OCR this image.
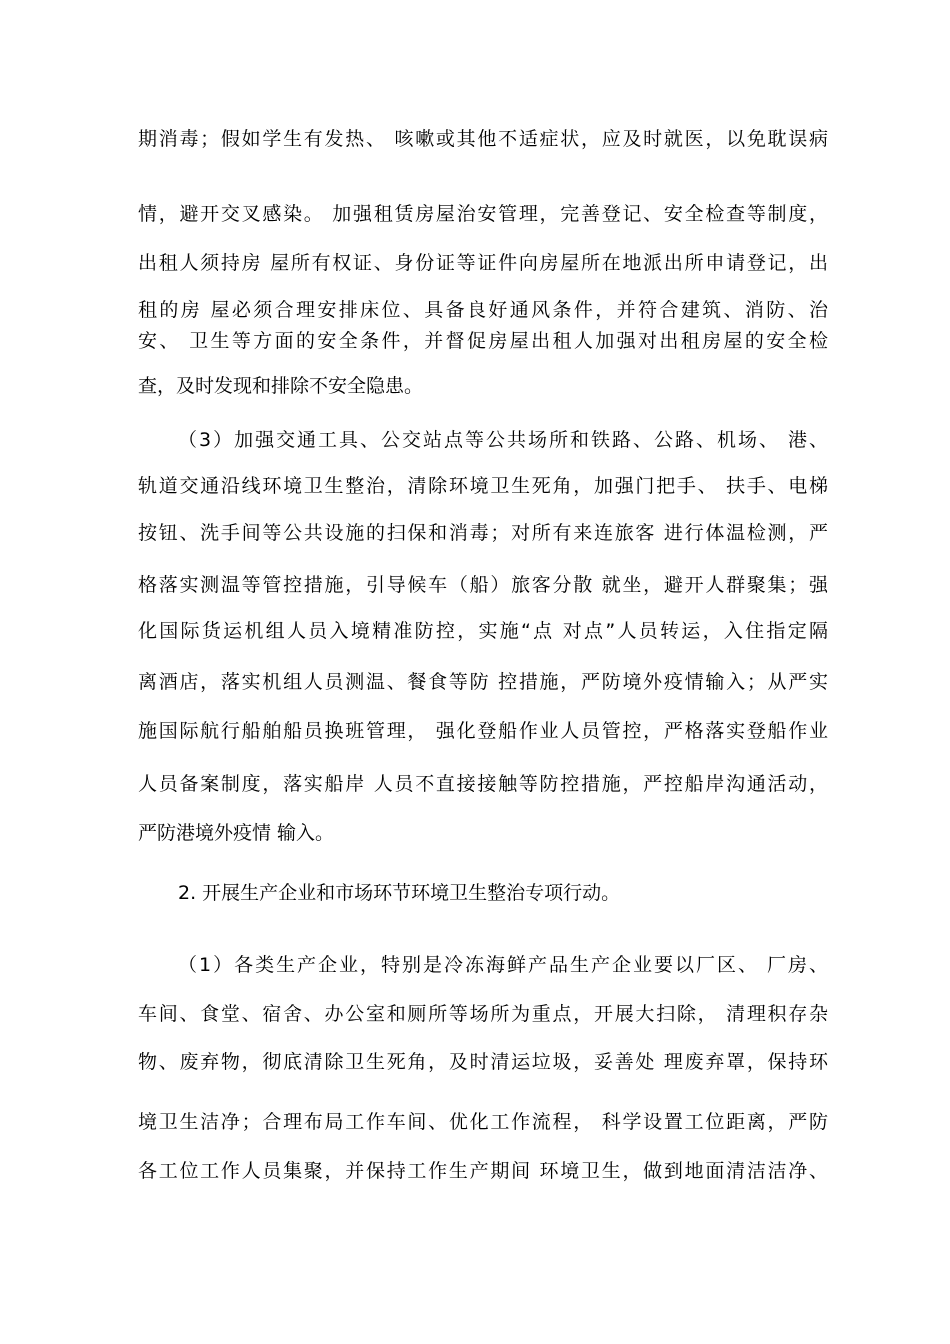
期消毒；假如学生有发热、 咳嗽或其他不适症状，应及时就医，以免耽误病
情，避开交叉感染。 加强租赁房屋治安管理，完善登记、安全检查等制度，
出租人须持房 屋所有权证、身份证等证件向房屋所在地派出所申请登记，出
租的房 屋必须合理安排床位、具备良好通风条件，并符合建筑、消防、治
安、 卫生等方面的安全条件，并督促房屋出租人加强对出租房屋的安全检
查，及时发现和排除不安全隐患。
（3）加强交通工具、公交站点等公共场所和铁路、公路、机场、 港、
轨道交通沿线环境卫生整治，清除环境卫生死角，加强门把手、 扶手、电梯
按钮、洗手间等公共设施的扫保和消毒；对所有来连旅客 进行体温检测，严
格落实测温等管控措施，引导候车（船）旅客分散 就坐，避开人群聚集；强
化国际货运机组人员入境精准防控，实施“点 对点”人员转运，入住指定隔
离酒店，落实机组人员测温、餐食等防 控措施，严防境外疫情输入；从严实
施国际航行船舶船员换班管理， 强化登船作业人员管控，严格落实登船作业
人员备案制度，落实船岸 人员不直接接触等防控措施，严控船岸沟通活动，
严防港境外疫情 输入。
2. 开展生产企业和市场环节环境卫生整治专项行动。
（1）各类生产企业，特别是冷冻海鲜产品生产企业要以厂区、 厂房、
车间、食堂、宿舍、办公室和厕所等场所为重点，开展大扫除， 清理积存杂
物、废弃物，彻底清除卫生死角，及时清运垃圾，妥善处 理废弃罩，保持环
境卫生洁净；合理布局工作车间、优化工作流程， 科学设置工位距离，严防
各工位工作人员集聚，并保持工作生产期间 环境卫生，做到地面清洁洁净、
